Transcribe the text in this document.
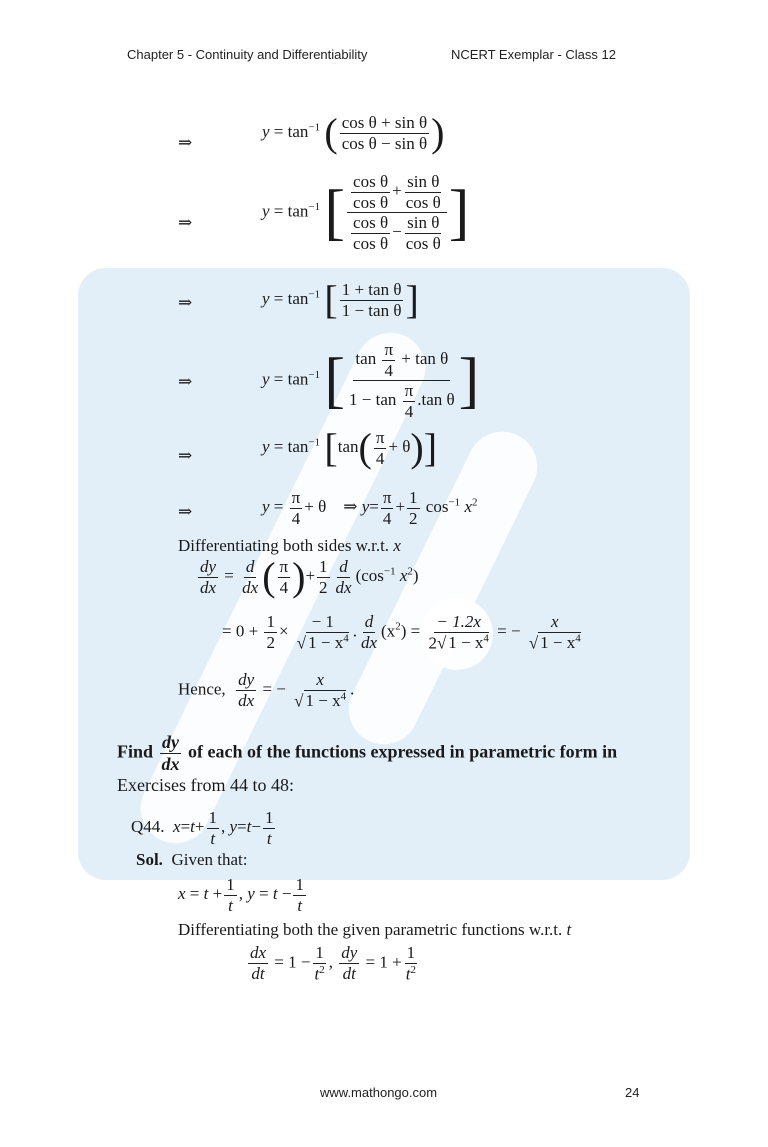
Chapter 5 - Continuity and Differentiability	NCERT Exemplar - Class 12
⇒
$y = \tan^{-1}$ ( $\frac{\text{cos θ + sin θ}}{\text{cos θ − sin θ}}$ )
⇒
$y = \tan^{-1}$ [ $\frac{\frac{\text{cos θ}}{\text{cos θ}} + \frac{\text{sin θ}}{\text{cos θ}}}{\frac{\text{cos θ}}{\text{cos θ}} - \frac{\text{sin θ}}{\text{cos θ}}}$ ]
⇒	$y = \tan^{-1}$ [ $\frac{\text{1 + tan θ}}{\text{1 − tan θ}}$ ]
⇒	$y = \tan^{-1}$ [ $\frac{\tan \frac{\pi}{4} + \tan \theta}{1 - \tan \frac{\pi}{4} .\tan \theta}$ ]
⇒	$y = \tan^{-1} [\tan( \frac{\pi}{4} + \theta)]$
⇒	$y = \frac{\pi}{4} + \theta$ ⇒ $y= \frac{\pi}{4} + \frac{1}{2} \cos^{-1} x^2$
Differentiating both sides w.r.t. x
$\frac{dy}{dx} = \frac{d}{dx}$ ( $\frac{\pi}{4}$ )+ $\frac{1}{2} \frac{d}{dx} (\cos^{-1}$ $x^2$)
= $0 + \frac{1}{2} \times \frac{- 1}{√ 1 - x^4}$ . $\frac{d}{dx} (x^2) = \frac{- 1.2x}{2√ 1 - x^4}$ = − $\frac{x}{√ 1 - x^4}$
Hence, $\frac{dy}{dx}$ = − $\frac{x}{√ 1 - x^4}$ .
Find $\frac{dy}{dx}$ of each of the functions expressed in parametric form in
Exercises from 44 to 48:
Q44. $x=t+ \frac{1}{t}$ , $y=t- \frac{1}{t}$
Sol. Given that:
$x = t + \frac{1}{t}$ , $y = t - \frac{1}{t}$
Differentiating both the given parametric functions w.r.t. t
$\frac{dx}{dt} = 1 - \frac{1}{t^2}$ , $\frac{dy}{dt} = 1 + \frac{1}{t^2}$
www.mathongo.com	24
